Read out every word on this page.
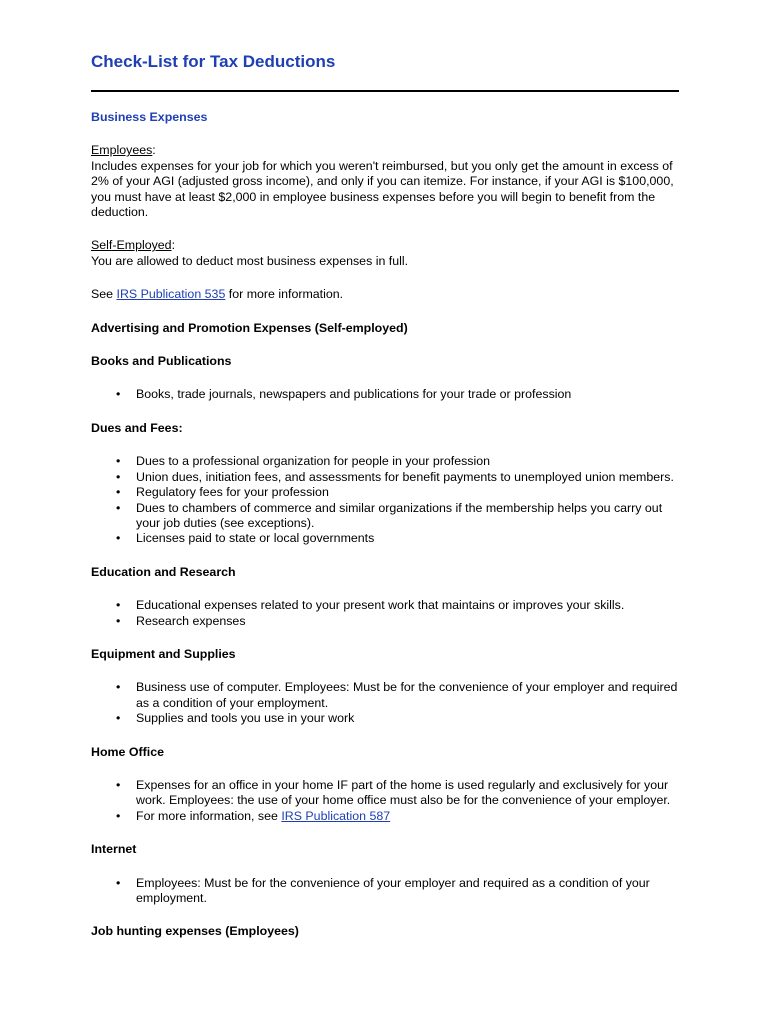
Check-List for Tax Deductions
Business Expenses

Employees:
Includes expenses for your job for which you weren't reimbursed, but you only get the amount in excess of 2% of your AGI (adjusted gross income), and only if you can itemize. For instance, if your AGI is $100,000, you must have at least $2,000 in employee business expenses before you will begin to benefit from the deduction.

Self-Employed:
You are allowed to deduct most business expenses in full.

See IRS Publication 535 for more information.

Advertising and Promotion Expenses (Self-employed)
Books and Publications
• Books, trade journals, newspapers and publications for your trade or profession
Dues and Fees:
• Dues to a professional organization for people in your profession
• Union dues, initiation fees, and assessments for benefit payments to unemployed union members.
• Regulatory fees for your profession
• Dues to chambers of commerce and similar organizations if the membership helps you carry out your job duties (see exceptions).
• Licenses paid to state or local governments
Education and Research
• Educational expenses related to your present work that maintains or improves your skills.
• Research expenses
Equipment and Supplies
• Business use of computer. Employees: Must be for the convenience of your employer and required as a condition of your employment.
• Supplies and tools you use in your work
Home Office
• Expenses for an office in your home IF part of the home is used regularly and exclusively for your work. Employees: the use of your home office must also be for the convenience of your employer.
• For more information, see IRS Publication 587
Internet
• Employees: Must be for the convenience of your employer and required as a condition of your employment.
Job hunting expenses (Employees)
